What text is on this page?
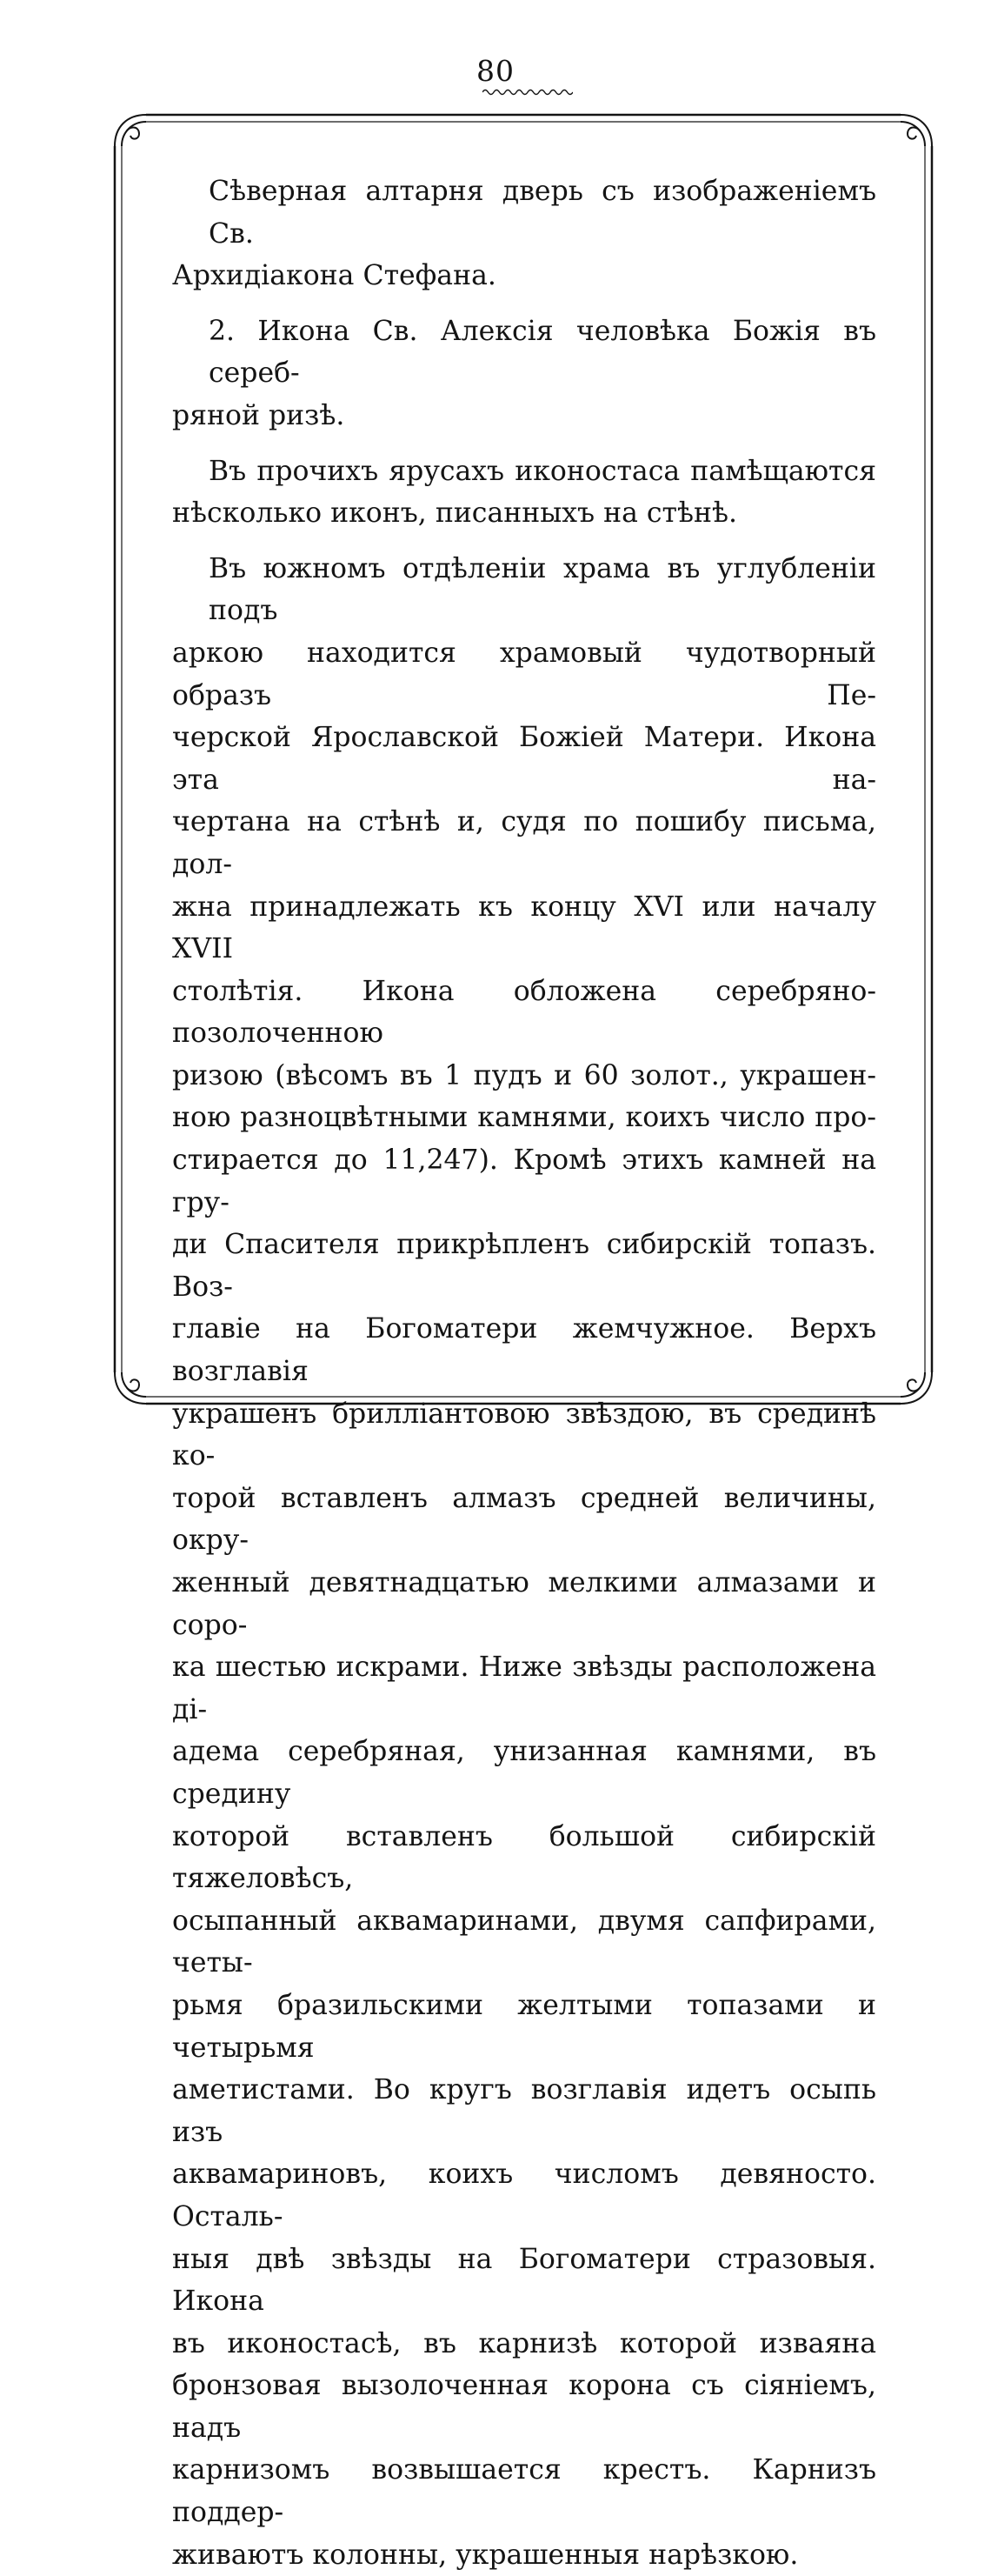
80

Сѣверная алтарня дверь съ изображеніемъ Св.
Архидіакона Стефана.

2. Икона Св. Алексія человѣка Божія въ сереб-
ряной ризѣ.

Въ прочихъ ярусахъ иконостаса памѣщаются
нѣсколько иконъ, писанныхъ на стѣнѣ.

Въ южномъ отдѣленіи храма въ углубленіи подъ
аркою находится храмовый чудотворный образъ Пе-
черской Ярославской Божіей Матери. Икона эта на-
чертана на стѣнѣ и, судя по пошибу письма, дол-
жна принадлежать къ концу XVI или началу XVII
столѣтія. Икона обложена серебряно-позолоченною
ризою (вѣсомъ въ 1 пудъ и 60 золот., украшен-
ною разноцвѣтными камнями, коихъ число про-
стирается до 11,247). Кромѣ этихъ камней на гру-
ди Спасителя прикрѣпленъ сибирскій топазъ. Воз-
главіе на Богоматери жемчужное. Верхъ возглавія
украшенъ бриллiантовою звѣздою, въ срединѣ ко-
торой вставленъ алмазъ средней величины, окру-
женный девятнадцатью мелкими алмазами и соро-
ка шестью искрами. Ниже звѣзды расположена ді-
адема серебряная, унизанная камнями, въ средину
которой вставленъ большой сибирскій тяжеловѣсъ,
осыпанный аквамаринами, двумя сапфирами, четы-
рьмя бразильскими желтыми топазами и четырьмя
аметистами. Во кругъ возглавія идетъ осыпь изъ
аквамариновъ, коихъ числомъ девяносто. Осталь-
ныя двѣ звѣзды на Богоматери стразовыя. Икона
въ иконостасѣ, въ карнизѣ которой изваяна
бронзовая вызолоченная корона съ сіяніемъ, надъ
карнизомъ возвышается крестъ. Карнизъ поддер-
живаютъ колонны, украшенныя нарѣзкою.
